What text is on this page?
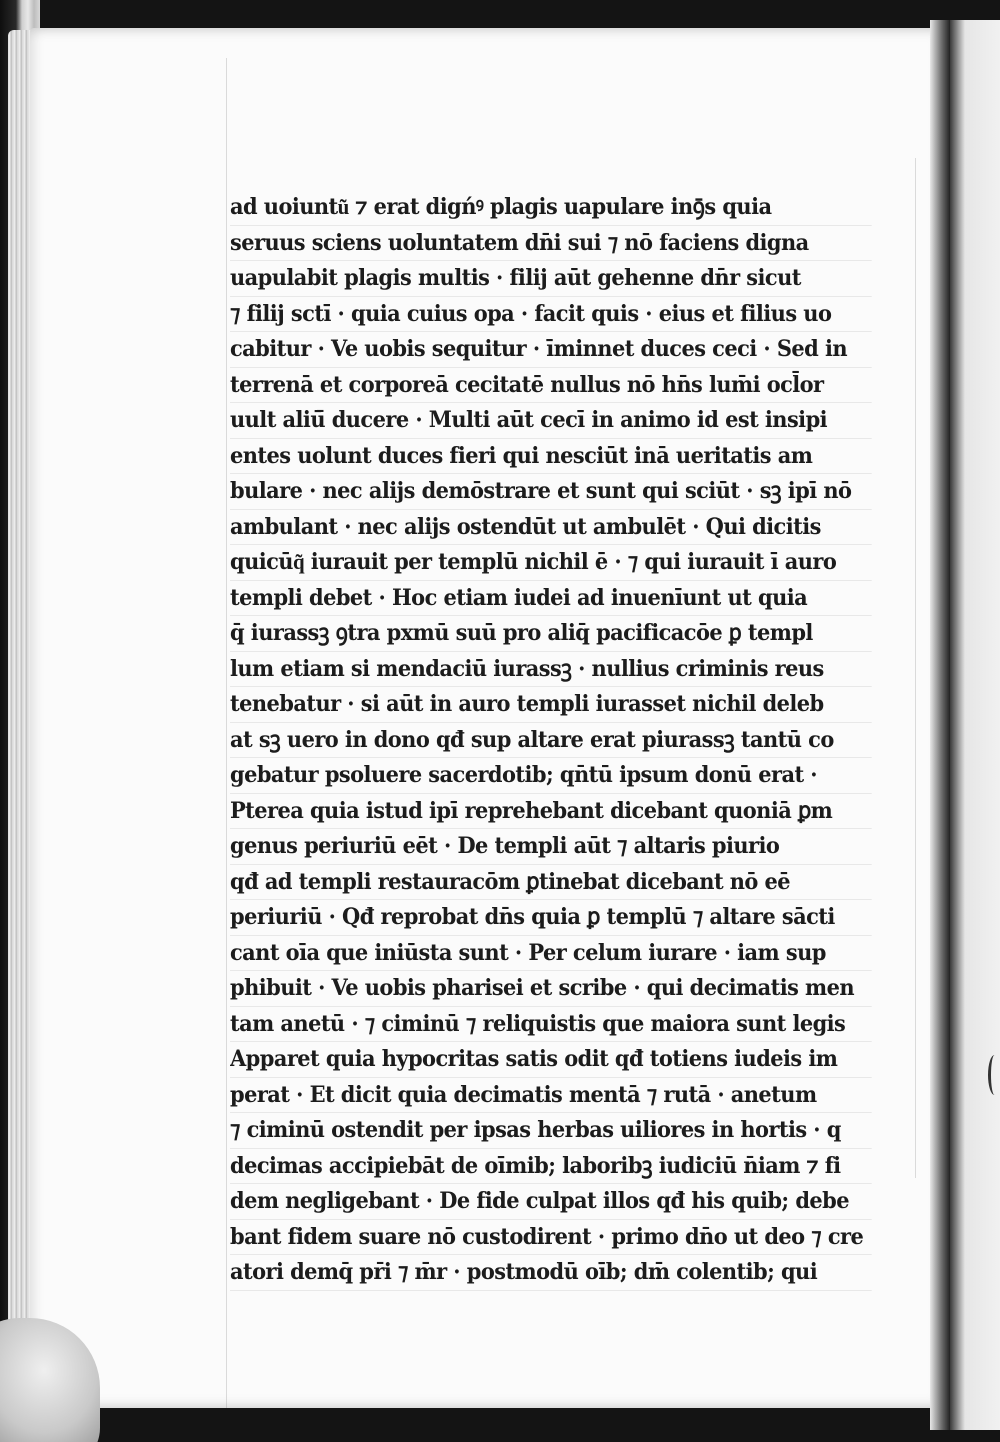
ad uoiuntu͂ ⁊ erat digńꝰ plagis uapulare inꝯ̄s quia
seruus sciens uoluntatem dn̄i sui ⁊ nō faciens digna
uapulabit plagis multis · filij aūt gehenne dn̄r sicut
⁊ filij sctī · quia cuius opa · facit quis · eius et filius uo
cabitur · Ve uobis sequitur · īminnet duces ceci · Sed in
terrenā et corporeā cecitatē nullus nō hn̄s lum̄i ocl̄or
uult aliū̄ ducere · Multi aūt cecī in animo id est insipi
entes uolunt duces fieri qui nesciūt inā ueritatis am
bulare · nec alijs demōstrare et sunt qui sciūt · sꝫ ipī nō
ambulant · nec alijs ostendūt ut ambulēt · Qui dicitis
quicūq͂ iurauit per templū nichil ē · ⁊ qui iurauit ī auro
templi debet · Hoc etiam iudei ad inuenīunt ut quia
q̄ iurassꝫ ꝯtra pxmū suū pro aliq̄ pacificacōe ꝑ templ
lum etiam si mendaciū iurassꝫ · nullius criminis reus
tenebatur · si aūt in auro templi iurasset nichil deleb
at sꝫ uero in dono qđ sup altare erat piurassꝫ tantū co
gebatur psoluere sacerdotib; qn̄tū ipsum donū erat ·
Pterea quia istud ipī reprehebant dicebant quoniā ꝑm
genus periuriū eēt · De templi aūt ⁊ altaris piurio
qđ ad templi restauracōm ꝑtinebat dicebant nō eē
periuriū · Qđ reprobat dn̄s quia ꝑ templū ⁊ altare sācti
cant oīa que iniūsta sunt · Per celum iurare · iam sup
phibuit · Ve uobis pharisei et scribe · qui decimatis men
tam anetū · ⁊ ciminū ⁊ reliquistis que maiora sunt legis
Apparet quia hypocritas satis odit qđ totiens iudeis im
perat · Et dicit quia decimatis mentā ⁊ rutā · anetum
⁊ ciminū ostendit per ipsas herbas uiliores in hortis · q
decimas accipiebāt de oīmib; laboribꝫ iudiciū n̄iam ⁊ fi
dem negligebant · De fide culpat illos qđ his quib; debe
bant fidem suare nō custodirent · primo dn̄o ut deo ⁊ cre
atori demq̄ pr̄i ⁊ m̄r · postmodū oīb; dm̄ colentib; qui
